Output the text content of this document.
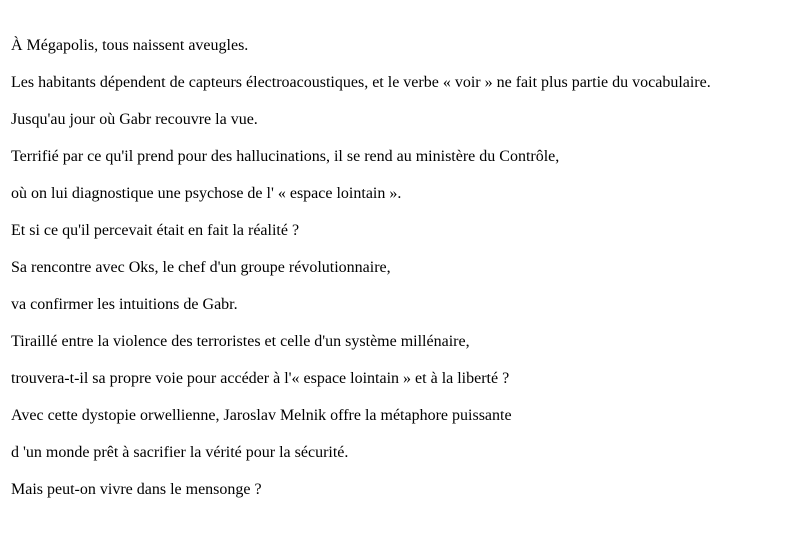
À Mégapolis, tous naissent aveugles.

Les habitants dépendent de capteurs électroacoustiques, et le verbe « voir » ne fait plus partie du vocabulaire.

Jusqu'au jour où Gabr recouvre la vue.

Terrifié par ce qu'il prend pour des hallucinations, il se rend au ministère du Contrôle,

où on lui diagnostique une psychose de l' « espace lointain ».

Et si ce qu'il percevait était en fait la réalité ?

Sa rencontre avec Oks, le chef d'un groupe révolutionnaire,

va confirmer les intuitions de Gabr.

Tiraillé entre la violence des terroristes et celle d'un système millénaire,

trouvera-t-il sa propre voie pour accéder à l'« espace lointain » et à la liberté ?

Avec cette dystopie orwellienne, Jaroslav Melnik offre la métaphore puissante

d 'un monde prêt à sacrifier la vérité pour la sécurité.

Mais peut-on vivre dans le mensonge ?
